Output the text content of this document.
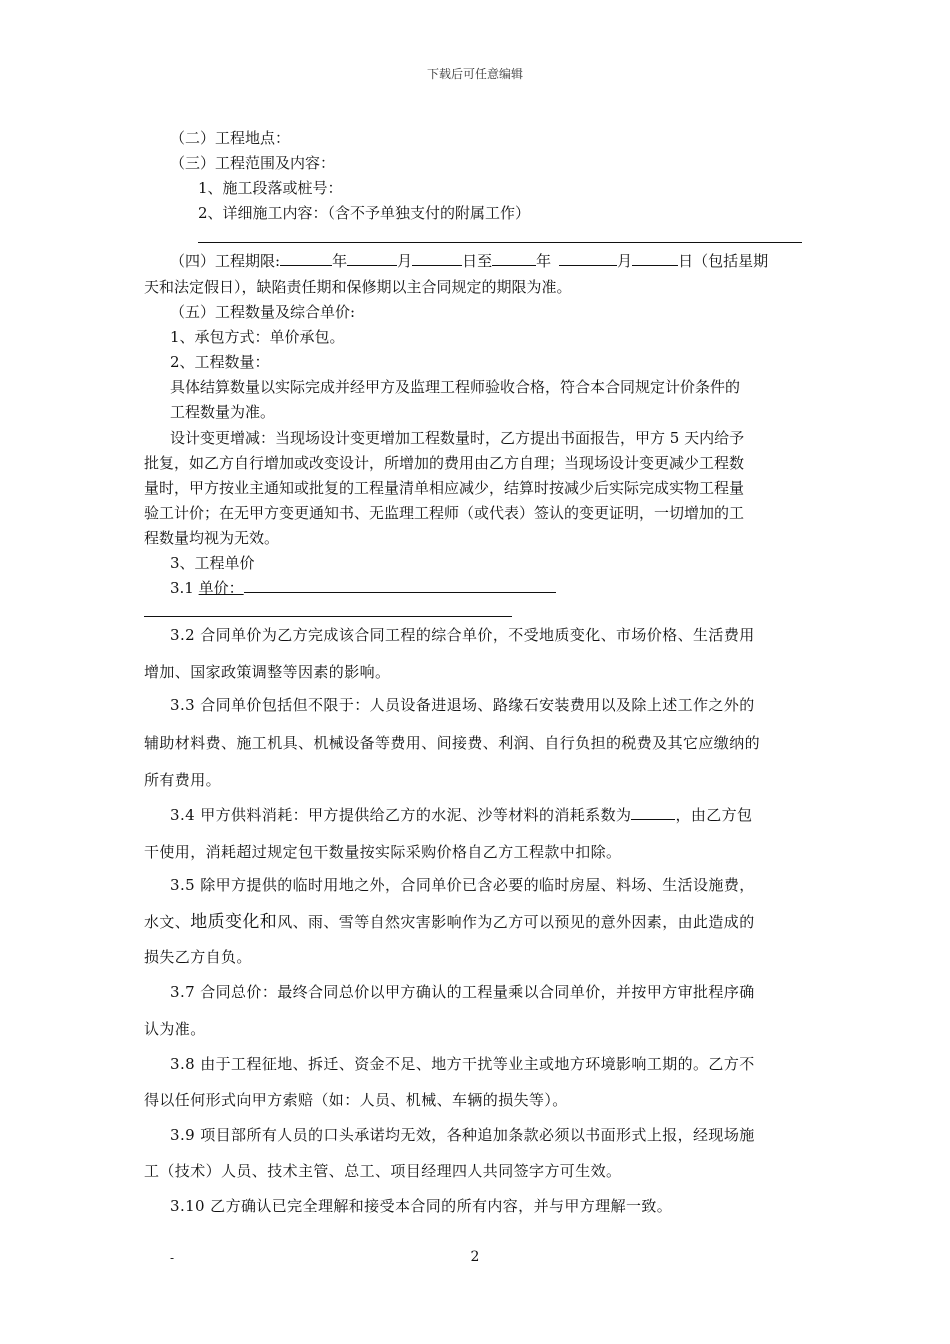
下载后可任意编辑
（二）工程地点：
（三）工程范围及内容：
1、施工段落或桩号：
2、详细施工内容：（含不予单独支付的附属工作）
（四）工程期限:	年	月	日至	年	月	日（包括星期
天和法定假日），缺陷责任期和保修期以主合同规定的期限为准。
（五）工程数量及综合单价:
1、承包方式：单价承包。
2、工程数量：
具体结算数量以实际完成并经甲方及监理工程师验收合格，符合本合同规定计价条件的
工程数量为准。
设计变更增减：当现场设计变更增加工程数量时，乙方提出书面报告，甲方 5 天内给予
批复，如乙方自行增加或改变设计，所增加的费用由乙方自理；当现场设计变更减少工程数
量时，甲方按业主通知或批复的工程量清单相应减少，结算时按减少后实际完成实物工程量
验工计价；在无甲方变更通知书、无监理工程师（或代表）签认的变更证明，一切增加的工
程数量均视为无效。
3、工程单价
3.1 单价：
3.2 合同单价为乙方完成该合同工程的综合单价，不受地质变化、市场价格、生活费用
增加、国家政策调整等因素的影响。
3.3 合同单价包括但不限于：人员设备进退场、路缘石安装费用以及除上述工作之外的
辅助材料费、施工机具、机械设备等费用、间接费、利润、自行负担的税费及其它应缴纳的
所有费用。
3.4 甲方供料消耗：甲方提供给乙方的水泥、沙等材料的消耗系数为	，由乙方包
干使用，消耗超过规定包干数量按实际采购价格自乙方工程款中扣除。
3.5 除甲方提供的临时用地之外，合同单价已含必要的临时房屋、料场、生活设施费，
水文、地质变化和风、雨、雪等自然灾害影响作为乙方可以预见的意外因素，由此造成的
损失乙方自负。
3.7 合同总价：最终合同总价以甲方确认的工程量乘以合同单价，并按甲方审批程序确
认为准。
3.8 由于工程征地、拆迁、资金不足、地方干扰等业主或地方环境影响工期的。乙方不
得以任何形式向甲方索赔（如：人员、机械、车辆的损失等）。
3.9 项目部所有人员的口头承诺均无效，各种追加条款必须以书面形式上报，经现场施
工（技术）人员、技术主管、总工、项目经理四人共同签字方可生效。
3.10 乙方确认已完全理解和接受本合同的所有内容，并与甲方理解一致。
-	2
